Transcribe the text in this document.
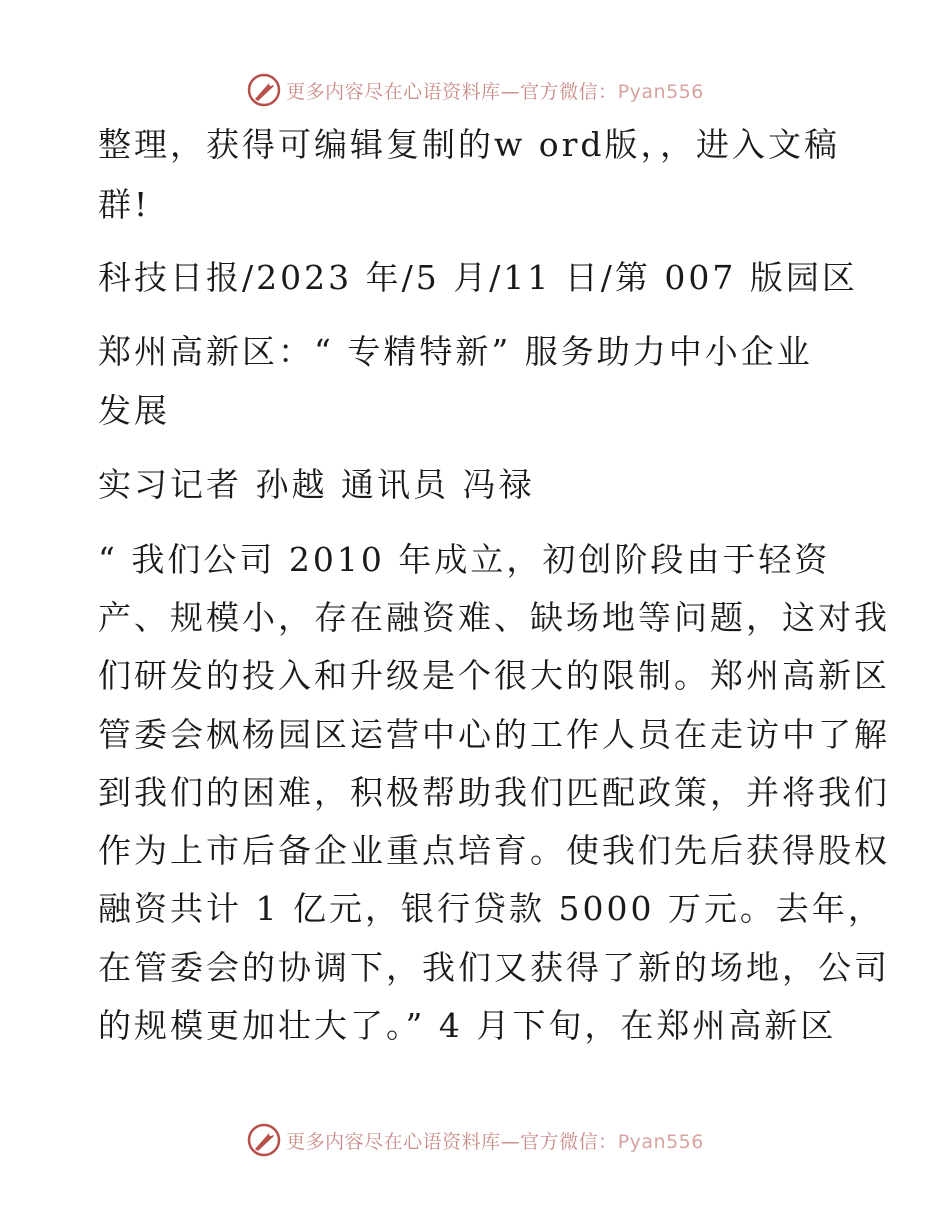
更多内容尽在心语资料库—官方微信：Pyan556
整理，获得可编辑复制的w ord版，，进入文稿
群!
科技日报/2023 年/5 月/11 日/第 007 版园区
郑州高新区：“ 专精特新” 服务助力中小企业
发展
实习记者 孙越 通讯员 冯禄
“ 我们公司 2010 年成立，初创阶段由于轻资
产、规模小，存在融资难、缺场地等问题，这对我
们研发的投入和升级是个很大的限制。郑州高新区
管委会枫杨园区运营中心的工作人员在走访中了解
到我们的困难，积极帮助我们匹配政策，并将我们
作为上市后备企业重点培育。使我们先后获得股权
融资共计 1 亿元，银行贷款 5000 万元。去年，
在管委会的协调下，我们又获得了新的场地，公司
的规模更加壮大了。” 4 月下旬，在郑州高新区
更多内容尽在心语资料库—官方微信：Pyan556
